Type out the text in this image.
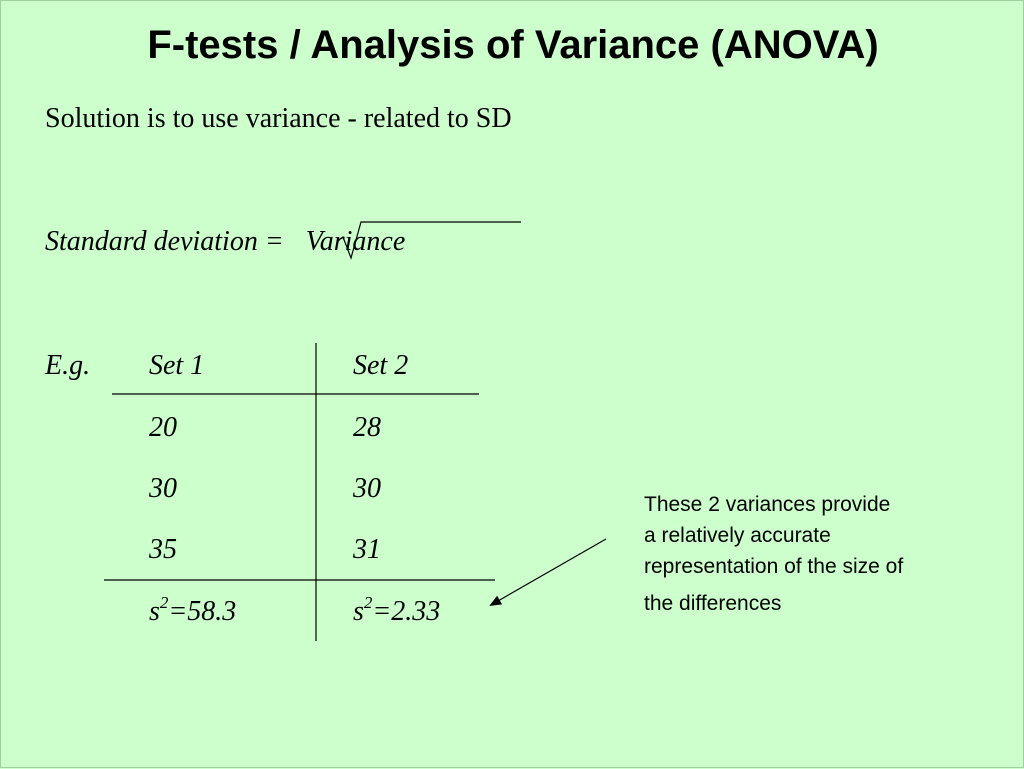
F-tests / Analysis of Variance (ANOVA)
Solution is to use variance - related to SD
Standard deviation = Variance
E.g. Set 1	Set 2
20	28
30	30
35	31
$s^2=58.3$	$s^2=2.33$
These 2 variances provide
a relatively accurate
representation of the size of
the differences
